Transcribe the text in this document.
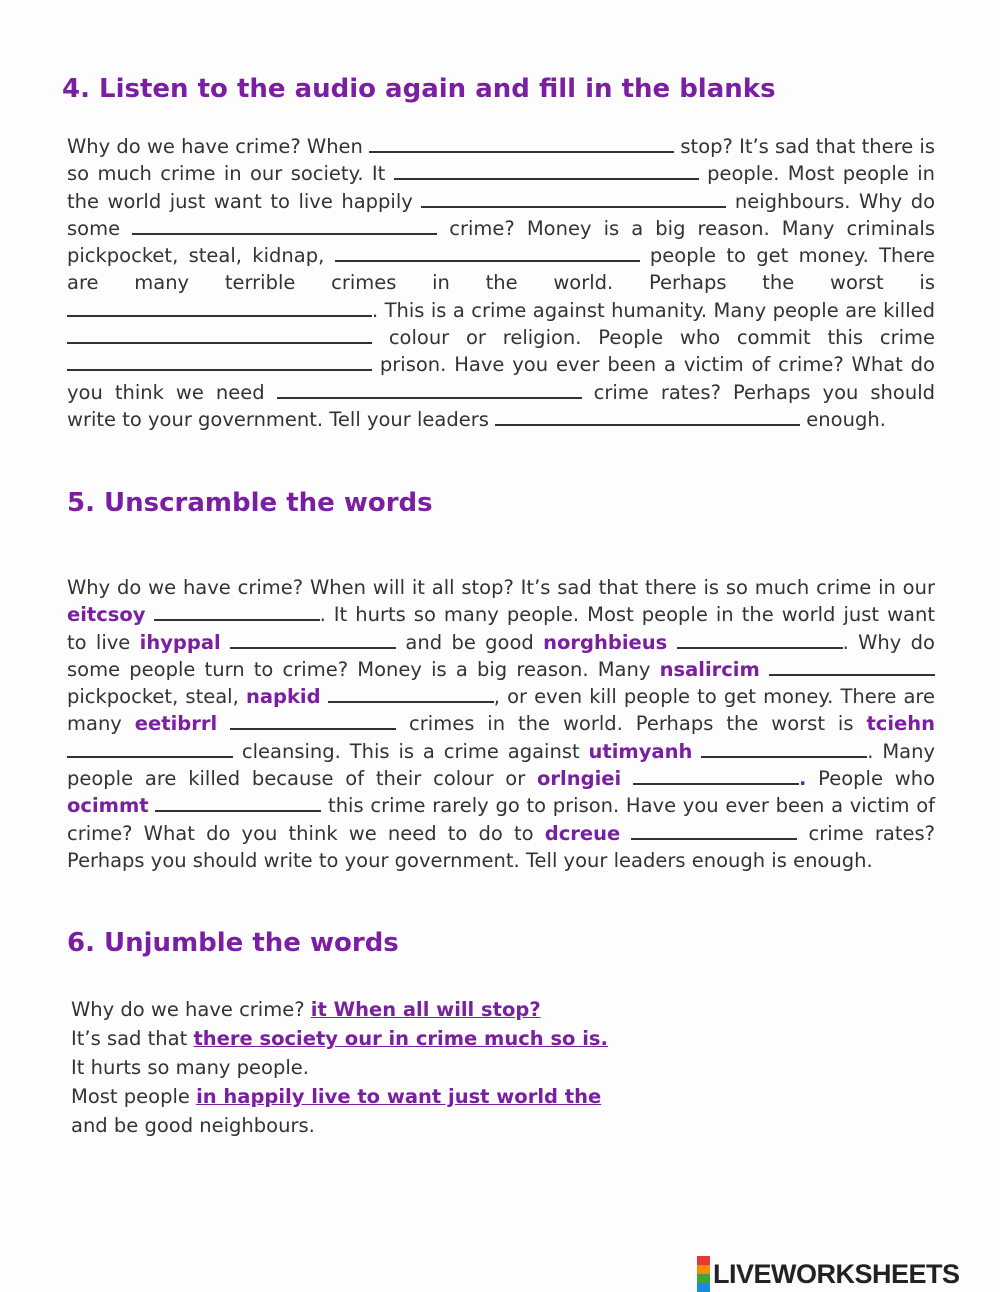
4. Listen to the audio again and fill in the blanks

Why do we have crime? When	stop? It’s sad that there is so much crime in our society. It	people. Most people in the world just want to live happily	neighbours. Why do some	crime? Money is a big reason. Many criminals pickpocket, steal, kidnap,	people to get money. There are many terrible crimes in the world. Perhaps the worst is . This is a crime against humanity. Many people are killed  colour or religion. People who commit this crime  prison. Have you ever been a victim of crime? What do you think we need	crime rates? Perhaps you should write to your government. Tell your leaders	enough.

5. Unscramble the words

Why do we have crime? When will it all stop? It’s sad that there is so much crime in our eitcsoy	. It hurts so many people. Most people in the world just want to live ihyppal	and be good norghbieus	. Why do some people turn to crime? Money is a big reason. Many nsalircim  pickpocket, steal, napkid	, or even kill people to get money. There are many eetibrrl	crimes in the world. Perhaps the worst is tciehn  cleansing. This is a crime against utimyanh	. Many people are killed because of their colour or orlngiei	. People who ocimmt	this crime rarely go to prison. Have you ever been a victim of crime? What do you think we need to do to dcreue	crime rates? Perhaps you should write to your government. Tell your leaders enough is enough.

6. Unjumble the words
Why do we have crime? it When all will stop?
It’s sad that there society our in crime much so is.
It hurts so many people.
Most people in happily live to want just world the
and be good neighbours.
LIVEWORKSHEETS
